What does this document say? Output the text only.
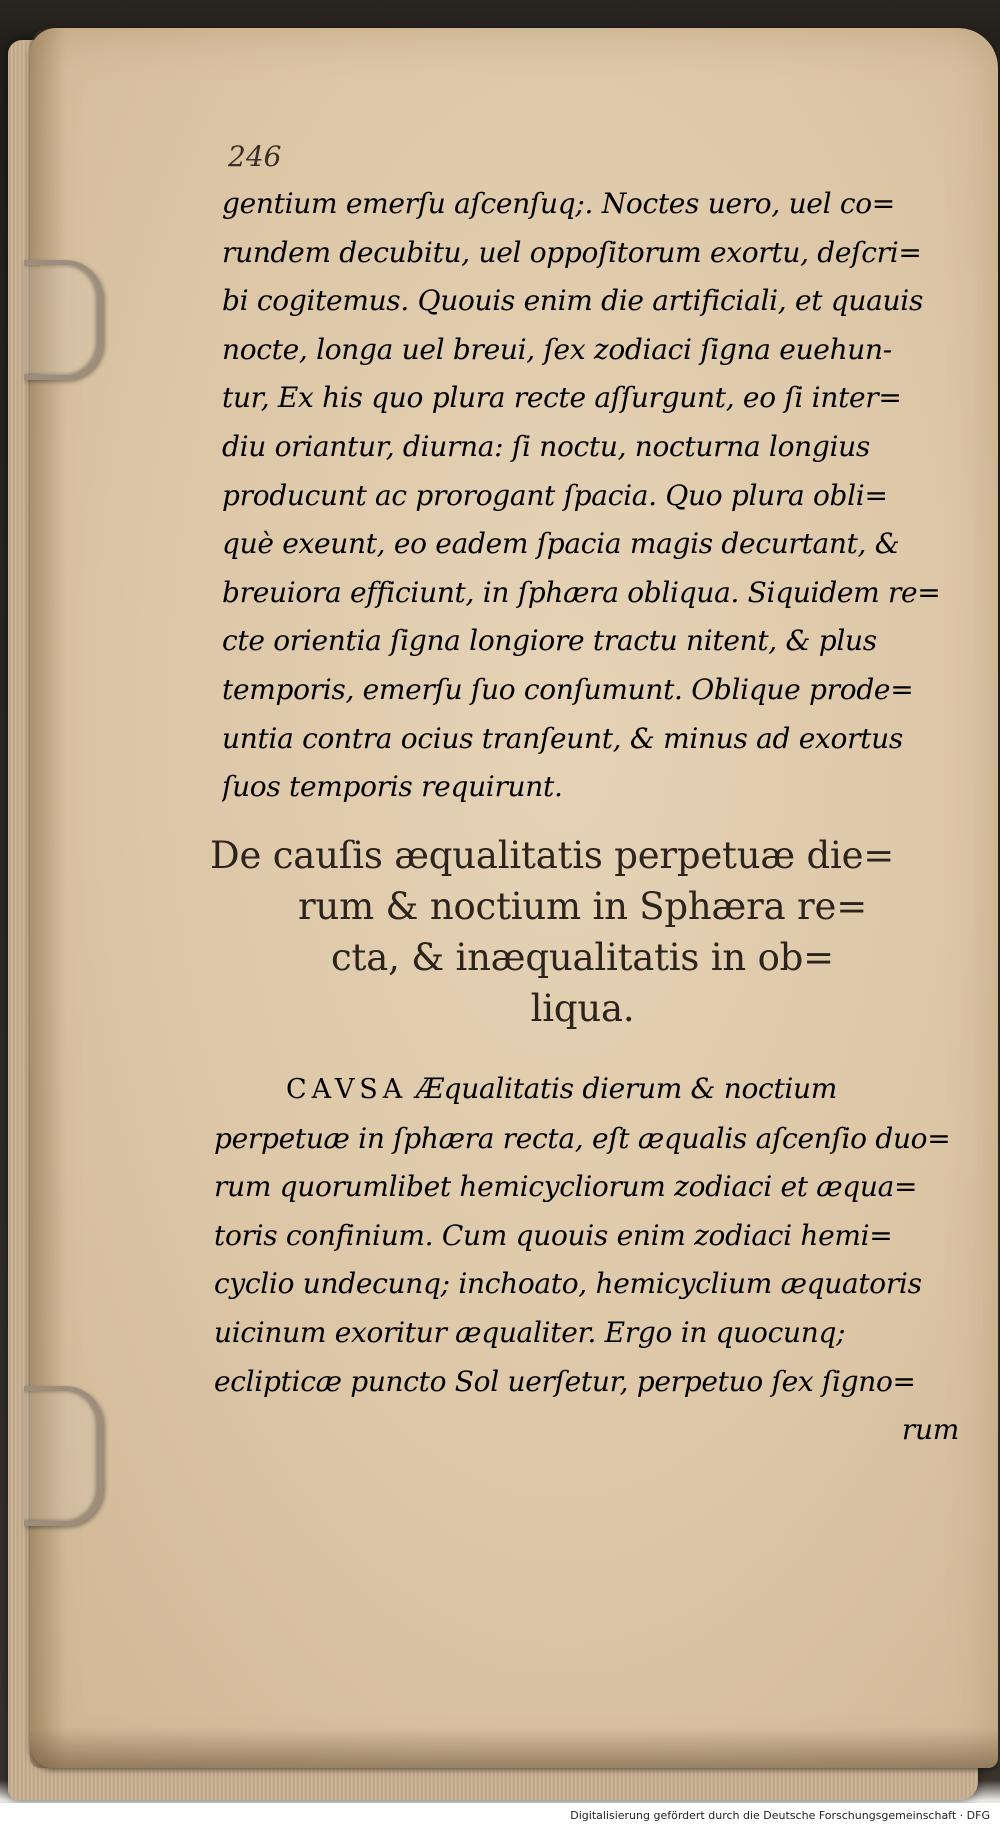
246
gentium emerſu aſcenſuq;. Noctes uero, uel co=
rundem decubitu, uel oppoſitorum exortu, deſcri=
bi cogitemus. Quouis enim die artificiali, et quauis
nocte, longa uel breui, ſex zodiaci ſigna euehun-
tur, Ex his quo plura recte aſſurgunt, eo ſi inter=
diu oriantur, diurna: ſi noctu, nocturna longius
producunt ac prorogant ſpacia. Quo plura obli=
què exeunt, eo eadem ſpacia magis decurtant, &
breuiora efficiunt, in ſphæra obliqua. Siquidem re=
cte orientia ſigna longiore tractu nitent, & plus
temporis, emerſu ſuo conſumunt. Oblique prode=
untia contra ocius tranſeunt, & minus ad exortus
ſuos temporis requirunt.
De cauſis æqualitatis perpetuæ die=
rum & noctium in Sphæra re=
cta, & inæqualitatis in ob=
liqua.
CAVSA Æqualitatis dierum & noctium
perpetuæ in ſphæra recta, eſt æqualis aſcenſio duo=
rum quorumlibet hemicycliorum zodiaci et æqua=
toris confinium. Cum quouis enim zodiaci hemi=
cyclio undecunq; inchoato, hemicyclium æquatoris
uicinum exoritur æqualiter. Ergo in quocunq;
eclipticæ puncto Sol uerſetur, perpetuo ſex ſigno=
rum
Digitalisierung gefördert durch die Deutsche Forschungsgemeinschaft · DFG
